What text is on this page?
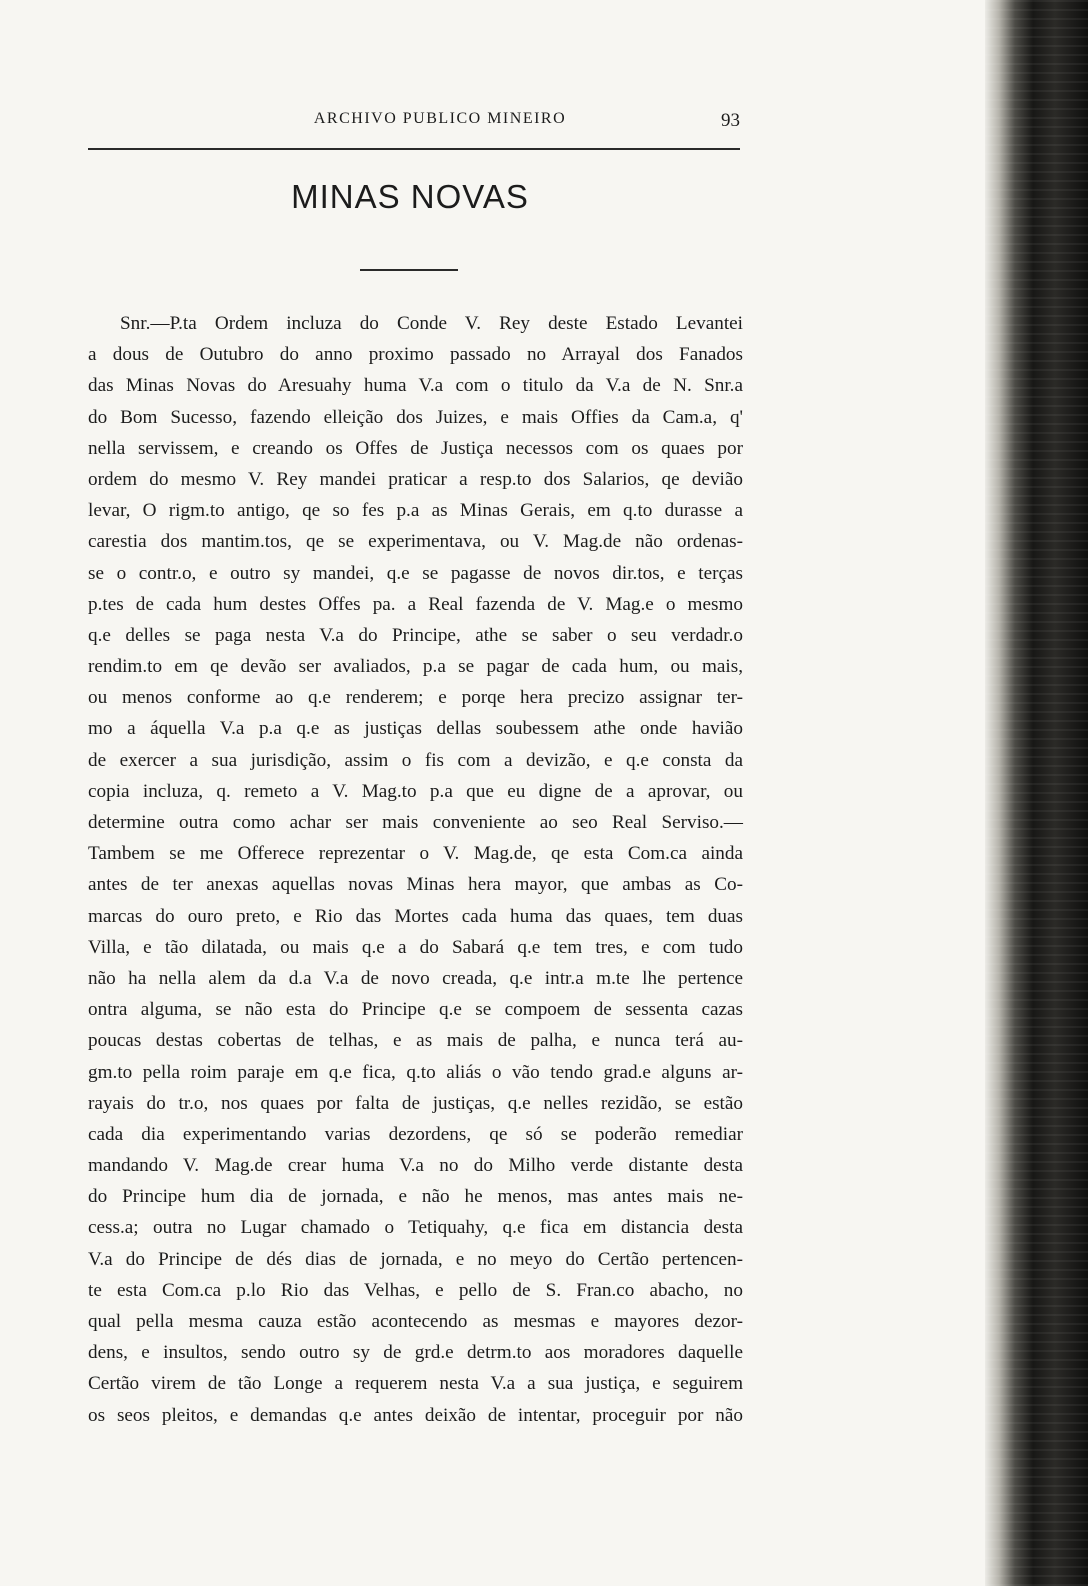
ARCHIVO PUBLICO MINEIRO	93
MINAS NOVAS
Snr.—P.ta Ordem incluza do Conde V. Rey deste Estado Levantei
a dous de Outubro do anno proximo passado no Arrayal dos Fanados
das Minas Novas do Aresuahy huma V.a com o titulo da V.a de N. Snr.a
do Bom Sucesso, fazendo elleição dos Juizes, e mais Offies da Cam.a, q'
nella servissem, e creando os Offes de Justiça necessos com os quaes por
ordem do mesmo V. Rey mandei praticar a resp.to dos Salarios, qe devião
levar, O rigm.to antigo, qe so fes p.a as Minas Gerais, em q.to durasse a
carestia dos mantim.tos, qe se experimentava, ou V. Mag.de não ordenas-
se o contr.o, e outro sy mandei, q.e se pagasse de novos dir.tos, e terças
p.tes de cada hum destes Offes pa. a Real fazenda de V. Mag.e o mesmo
q.e delles se paga nesta V.a do Principe, athe se saber o seu verdadr.o
rendim.to em qe devão ser avaliados, p.a se pagar de cada hum, ou mais,
ou menos conforme ao q.e renderem; e porqe hera precizo assignar ter-
mo a áquella V.a p.a q.e as justiças dellas soubessem athe onde havião
de exercer a sua jurisdição, assim o fis com a devizão, e q.e consta da
copia incluza, q. remeto a V. Mag.to p.a que eu digne de a aprovar, ou
determine outra como achar ser mais conveniente ao seo Real Serviso.—
Tambem se me Offerece reprezentar o V. Mag.de, qe esta Com.ca ainda
antes de ter anexas aquellas novas Minas hera mayor, que ambas as Co-
marcas do ouro preto, e Rio das Mortes cada huma das quaes, tem duas
Villa, e tão dilatada, ou mais q.e a do Sabará q.e tem tres, e com tudo
não ha nella alem da d.a V.a de novo creada, q.e intr.a m.te lhe pertence
ontra alguma, se não esta do Principe q.e se compoem de sessenta cazas
poucas destas cobertas de telhas, e as mais de palha, e nunca terá au-
gm.to pella roim paraje em q.e fica, q.to aliás o vão tendo grad.e alguns ar-
rayais do tr.o, nos quaes por falta de justiças, q.e nelles rezidão, se estão
cada dia experimentando varias dezordens, qe só se poderão remediar
mandando V. Mag.de crear huma V.a no do Milho verde distante desta
do Principe hum dia de jornada, e não he menos, mas antes mais ne-
cess.a; outra no Lugar chamado o Tetiquahy, q.e fica em distancia desta
V.a do Principe de dés dias de jornada, e no meyo do Certão pertencen-
te esta Com.ca p.lo Rio das Velhas, e pello de S. Fran.co abacho, no
qual pella mesma cauza estão acontecendo as mesmas e mayores dezor-
dens, e insultos, sendo outro sy de grd.e detrm.to aos moradores daquelle
Certão virem de tão Longe a requerem nesta V.a a sua justiça, e seguirem
os seos pleitos, e demandas q.e antes deixão de intentar, proceguir por não
